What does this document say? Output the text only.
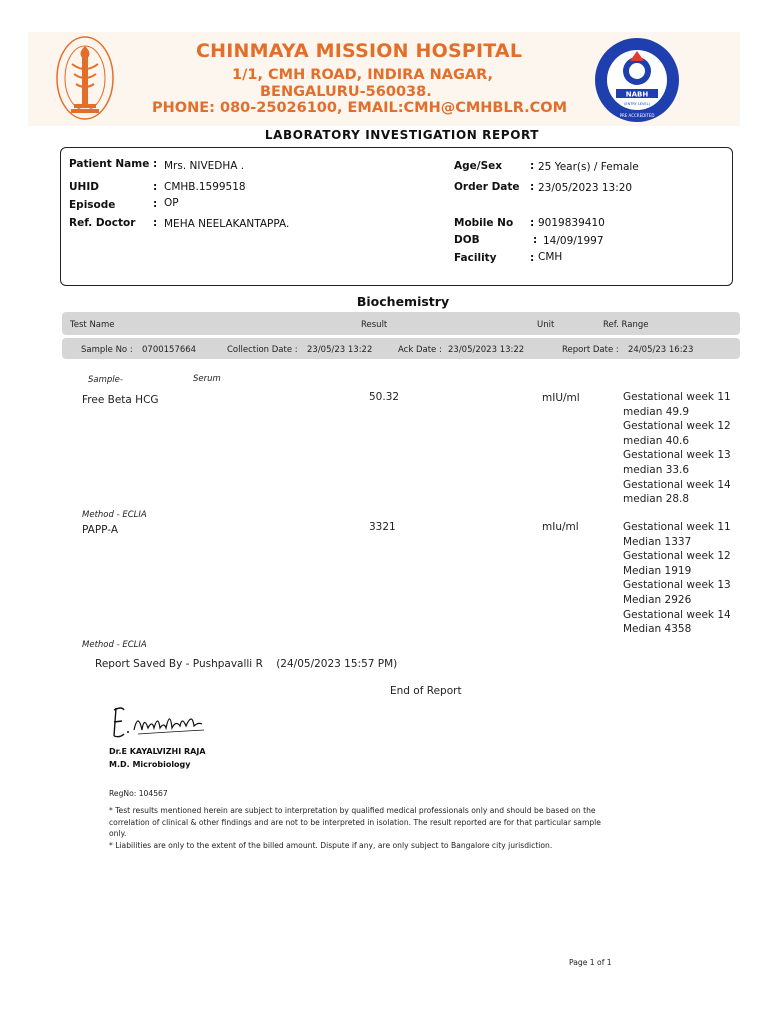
CHINMAYA MISSION HOSPITAL
1/1, CMH ROAD, INDIRA NAGAR,
BENGALURU-560038.
PHONE: 080-25026100, EMAIL:CMH@CMHBLR.COM
NABH
(ENTRY LEVEL)
PRE ACCREDITED
LABORATORY INVESTIGATION REPORT
Patient Name : Mrs. NIVEDHA .
UHID	: CMHB.1599518
Episode	: OP
Ref. Doctor : MEHA NEELAKANTAPPA.
Age/Sex	: 25 Year(s) / Female
Order Date : 23/05/2023 13:20
Mobile No : 9019839410
DOB	: 14/09/1997
Facility	: CMH
Biochemistry
Test Name	Result	Unit	Ref. Range
Sample No : 0700157664	Collection Date : 23/05/23 13:22	Ack Date : 23/05/2023 13:22	Report Date : 24/05/23 16:23
Sample-	Serum
Free Beta HCG	50.32	mIU/ml	Gestational week 11
median 49.9
Gestational week 12
median 40.6
Gestational week 13
median 33.6
Gestational week 14
median 28.8
Method - ECLIA
PAPP-A	3321	mIu/ml	Gestational week 11
Median 1337
Gestational week 12
Median 1919
Gestational week 13
Median 2926
Gestational week 14
Median 4358
Method - ECLIA
Report Saved By - Pushpavalli R    (24/05/2023 15:57 PM)
End of Report
Dr.E KAYALVIZHI RAJA
M.D. Microbiology
RegNo: 104567
* Test results mentioned herein are subject to interpretation by qualified medical professionals only and should be based on the correlation of clinical & other findings and are not to be interpreted in isolation. The result reported are for that particular sample only.
* Liabilities are only to the extent of the billed amount. Dispute if any, are only subject to Bangalore city jurisdiction.
Page 1 of 1
